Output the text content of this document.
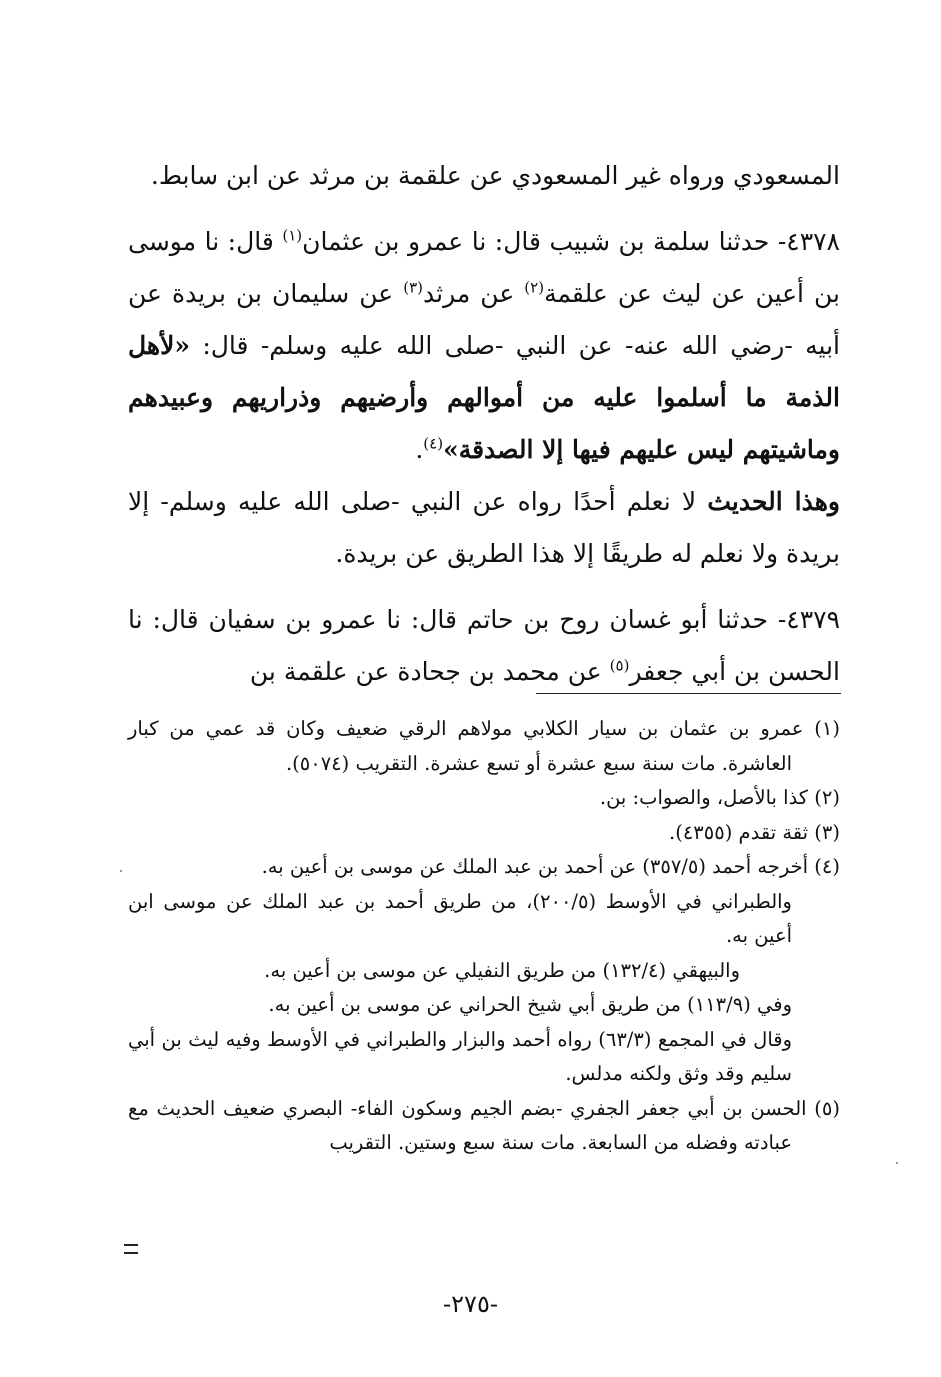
المسعودي ورواه غير المسعودي عن علقمة بن مرثد عن ابن سابط.

٤٣٧٨- حدثنا سلمة بن شبيب قال: نا عمرو بن عثمان$^{(١)}$ قال: نا موسى بن أعين عن ليث عن علقمة$^{(٢)}$ عن مرثد$^{(٣)}$ عن سليمان بن بريدة عن أبيه -رضي الله عنه- عن النبي -صلى الله عليه وسلم- قال: «لأهل الذمة ما أسلموا عليه من أموالهم وأرضيهم وذراريهم وعبيدهم وماشيتهم ليس عليهم فيها إلا الصدقة»$^{(٤)}$.

وهذا الحديث لا نعلم أحدًا رواه عن النبي -صلى الله عليه وسلم- إلا بريدة ولا نعلم له طريقًا إلا هذا الطريق عن بريدة.

٤٣٧٩- حدثنا أبو غسان روح بن حاتم قال: نا عمرو بن سفيان قال: نا الحسن بن أبي جعفر$^{(٥)}$ عن محمد بن جحادة عن علقمة بن

(١) عمرو بن عثمان بن سيار الكلابي مولاهم الرقي ضعيف وكان قد عمي من كبار العاشرة. مات سنة سبع عشرة أو تسع عشرة. التقريب (٥٠٧٤).

(٢) كذا بالأصل، والصواب: بن.

(٣) ثقة تقدم (٤٣٥٥).

(٤) أخرجه أحمد (٣٥٧/٥) عن أحمد بن عبد الملك عن موسى بن أعين به.

والطبراني في الأوسط (٢٠٠/٥)، من طريق أحمد بن عبد الملك عن موسى ابن أعين به.

والبيهقي (١٣٢/٤) من طريق النفيلي عن موسى بن أعين به.

وفي (١١٣/٩) من طريق أبي شيخ الحراني عن موسى بن أعين به.

وقال في المجمع (٦٣/٣) رواه أحمد والبزار والطبراني في الأوسط وفيه ليث بن أبي سليم وقد وثق ولكنه مدلس.

(٥) الحسن بن أبي جعفر الجفري -بضم الجيم وسكون الفاء- البصري ضعيف الحديث مع عبادته وفضله من السابعة. مات سنة سبع وستين. التقريب

-٢٧٥-
